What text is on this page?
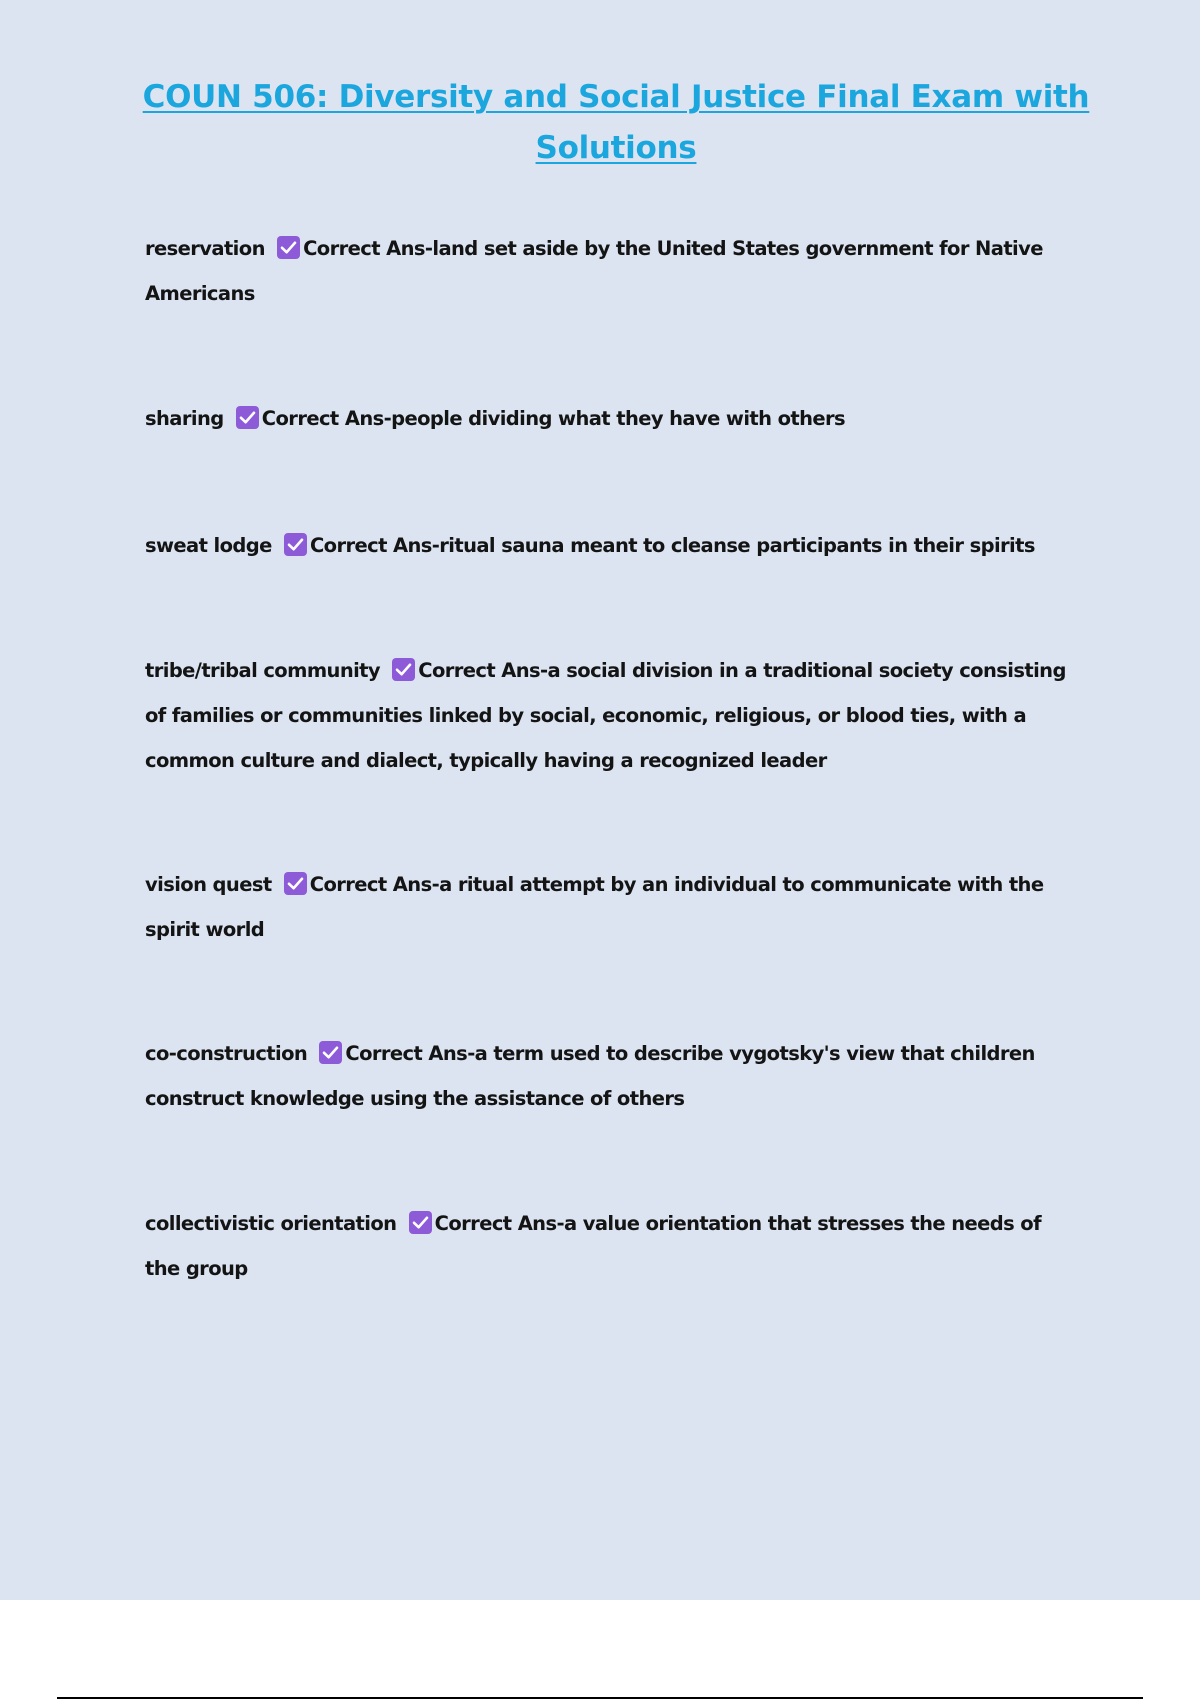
COUN 506: Diversity and Social Justice Final Exam with Solutions

reservation Correct Ans-land set aside by the United States government for Native Americans

sharing Correct Ans-people dividing what they have with others

sweat lodge Correct Ans-ritual sauna meant to cleanse participants in their spirits

tribe/tribal community Correct Ans-a social division in a traditional society consisting of families or communities linked by social, economic, religious, or blood ties, with a common culture and dialect, typically having a recognized leader

vision quest Correct Ans-a ritual attempt by an individual to communicate with the spirit world

co-construction Correct Ans-a term used to describe vygotsky's view that children construct knowledge using the assistance of others

collectivistic orientation Correct Ans-a value orientation that stresses the needs of the group
